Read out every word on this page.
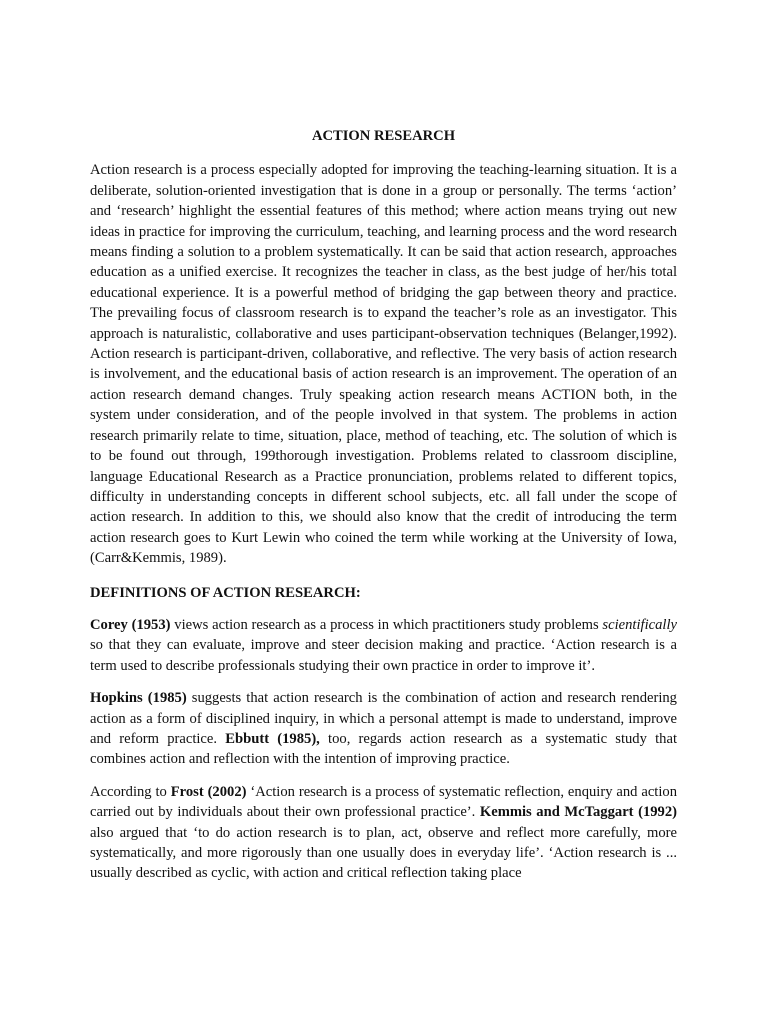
ACTION RESEARCH

Action research is a process especially adopted for improving the teaching-learning situation. It is a deliberate, solution-oriented investigation that is done in a group or personally. The terms ‘action’ and ‘research’ highlight the essential features of this method; where action means trying out new ideas in practice for improving the curriculum, teaching, and learning process and the word research means finding a solution to a problem systematically. It can be said that action research, approaches education as a unified exercise. It recognizes the teacher in class, as the best judge of her/his total educational experience. It is a powerful method of bridging the gap between theory and practice. The prevailing focus of classroom research is to expand the teacher’s role as an investigator. This approach is naturalistic, collaborative and uses participant-observation techniques (Belanger,1992). Action research is participant-driven, collaborative, and reflective. The very basis of action research is involvement, and the educational basis of action research is an improvement. The operation of an action research demand changes. Truly speaking action research means ACTION both, in the system under consideration, and of the people involved in that system. The problems in action research primarily relate to time, situation, place, method of teaching, etc. The solution of which is to be found out through, 199thorough investigation. Problems related to classroom discipline, language Educational Research as a Practice pronunciation, problems related to different topics, difficulty in understanding concepts in different school subjects, etc. all fall under the scope of action research. In addition to this, we should also know that the credit of introducing the term action research goes to Kurt Lewin who coined the term while working at the University of Iowa, (Carr&Kemmis, 1989).

DEFINITIONS OF ACTION RESEARCH:

Corey (1953) views action research as a process in which practitioners study problems scientifically so that they can evaluate, improve and steer decision making and practice. ‘Action research is a term used to describe professionals studying their own practice in order to improve it’.

Hopkins (1985) suggests that action research is the combination of action and research rendering action as a form of disciplined inquiry, in which a personal attempt is made to understand, improve and reform practice. Ebbutt (1985), too, regards action research as a systematic study that combines action and reflection with the intention of improving practice.

According to Frost (2002) ‘Action research is a process of systematic reflection, enquiry and action carried out by individuals about their own professional practice’. Kemmis and McTaggart (1992) also argued that ‘to do action research is to plan, act, observe and reflect more carefully, more systematically, and more rigorously than one usually does in everyday life’. ‘Action research is ... usually described as cyclic, with action and critical reflection taking place
